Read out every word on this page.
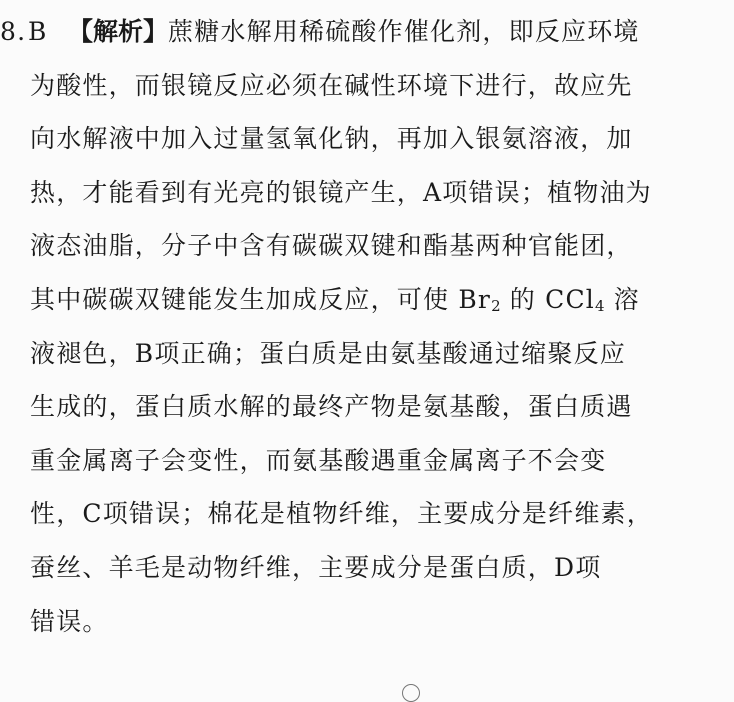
8.B 【解析】蔗糖水解用稀硫酸作催化剂，即反应环境
为酸性，而银镜反应必须在碱性环境下进行，故应先
向水解液中加入过量氢氧化钠，再加入银氨溶液，加
热，才能看到有光亮的银镜产生，A项错误；植物油为
液态油脂，分子中含有碳碳双键和酯基两种官能团，
其中碳碳双键能发生加成反应，可使 $Br_2$ 的 CCl$_4$ 溶
液褪色，B项正确；蛋白质是由氨基酸通过缩聚反应
生成的，蛋白质水解的最终产物是氨基酸，蛋白质遇
重金属离子会变性，而氨基酸遇重金属离子不会变
性，C项错误；棉花是植物纤维，主要成分是纤维素，
蚕丝、羊毛是动物纤维，主要成分是蛋白质，D项
错误。
